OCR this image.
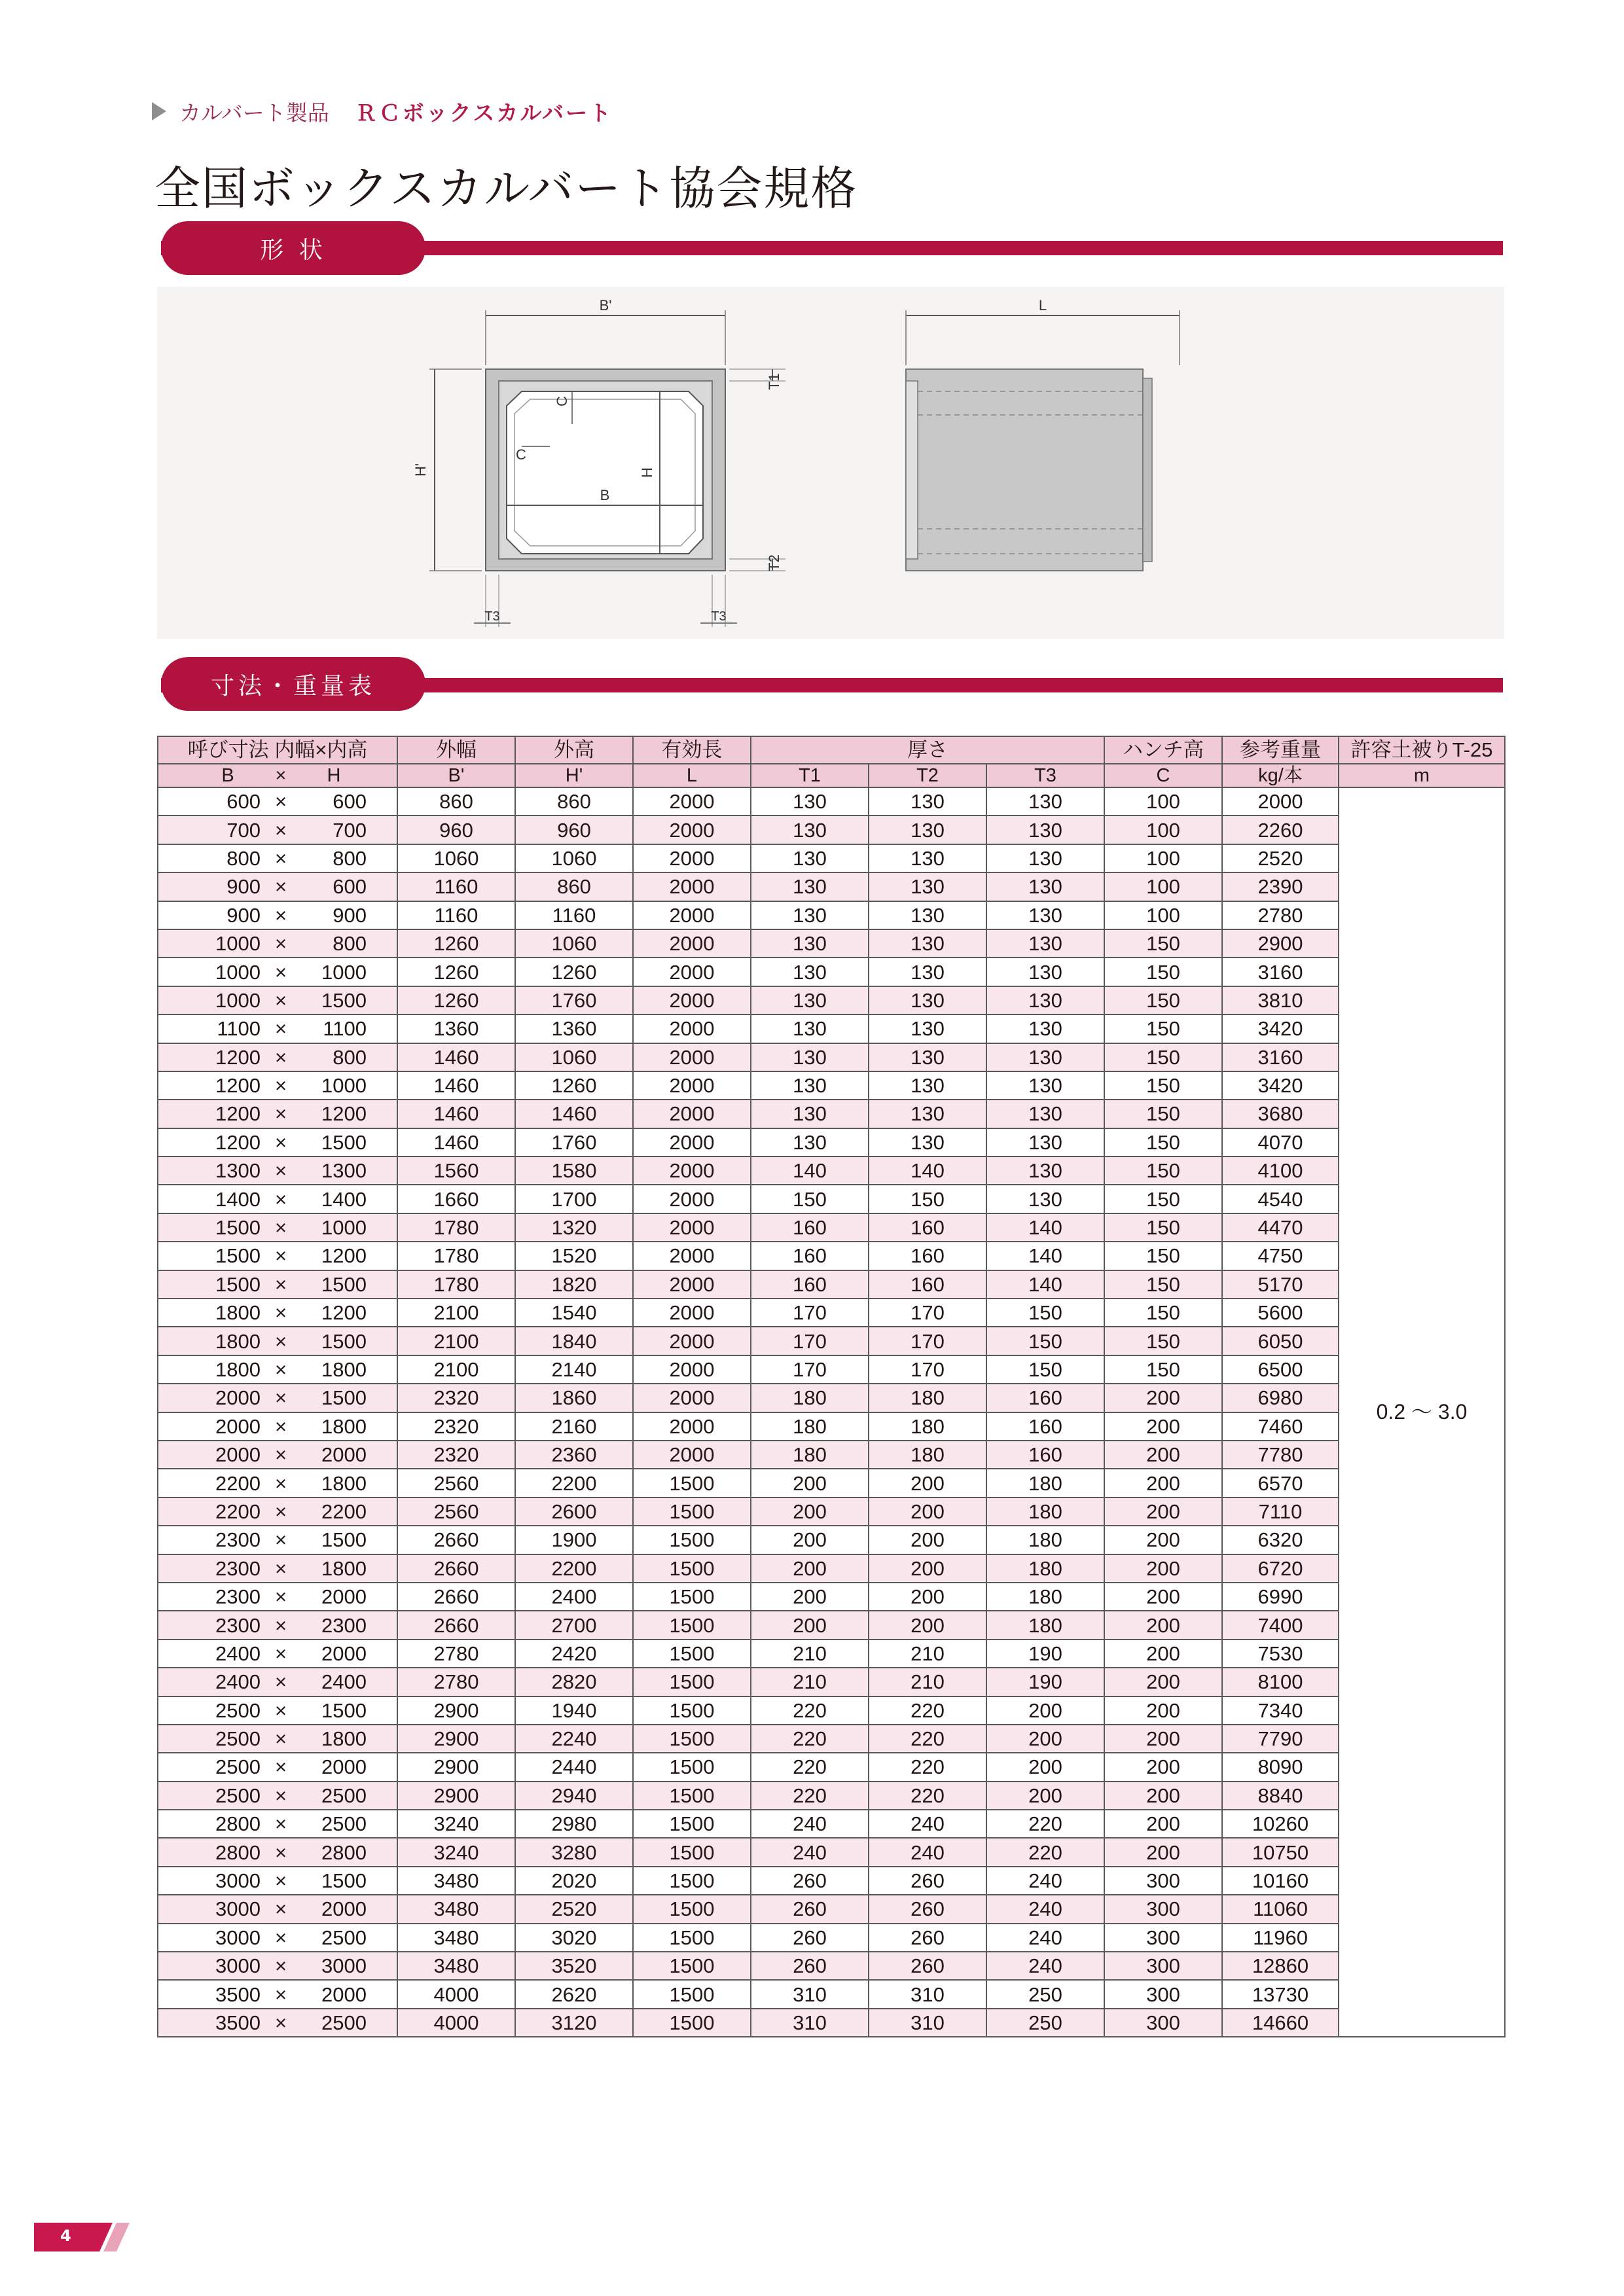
カルバート製品 ＲＣボックスカルバート
全国ボックスカルバート協会規格
形 状
B'
H'
B
H
C
C
T1
T2
T3	T3
L
寸法・重量表
呼び寸法 内幅×内高	外幅	外高	有効長	厚さ			ハンチ高	参考重量	許容土被りT-25

B × H	B'	H'	L	T1	T2	T3	C	kg/本	m

600 × 600	860	860	2000	130	130	130	100	2000	0.2 ～ 3.0

700 × 700	960	960	2000	130	130	130	100	2260	

800 × 800	1060	1060	2000	130	130	130	100	2520	

900 × 600	1160	860	2000	130	130	130	100	2390	

900 × 900	1160	1160	2000	130	130	130	100	2780	

1000 × 800	1260	1060	2000	130	130	130	150	2900	

1000 × 1000	1260	1260	2000	130	130	130	150	3160	

1000 × 1500	1260	1760	2000	130	130	130	150	3810	

1100 × 1100	1360	1360	2000	130	130	130	150	3420	

1200 × 800	1460	1060	2000	130	130	130	150	3160	

1200 × 1000	1460	1260	2000	130	130	130	150	3420	

1200 × 1200	1460	1460	2000	130	130	130	150	3680	

1200 × 1500	1460	1760	2000	130	130	130	150	4070	

1300 × 1300	1560	1580	2000	140	140	130	150	4100	

1400 × 1400	1660	1700	2000	150	150	130	150	4540	

1500 × 1000	1780	1320	2000	160	160	140	150	4470	

1500 × 1200	1780	1520	2000	160	160	140	150	4750	

1500 × 1500	1780	1820	2000	160	160	140	150	5170	

1800 × 1200	2100	1540	2000	170	170	150	150	5600	

1800 × 1500	2100	1840	2000	170	170	150	150	6050	

1800 × 1800	2100	2140	2000	170	170	150	150	6500	

2000 × 1500	2320	1860	2000	180	180	160	200	6980	

2000 × 1800	2320	2160	2000	180	180	160	200	7460	

2000 × 2000	2320	2360	2000	180	180	160	200	7780	

2200 × 1800	2560	2200	1500	200	200	180	200	6570	

2200 × 2200	2560	2600	1500	200	200	180	200	7110	

2300 × 1500	2660	1900	1500	200	200	180	200	6320	

2300 × 1800	2660	2200	1500	200	200	180	200	6720	

2300 × 2000	2660	2400	1500	200	200	180	200	6990	

2300 × 2300	2660	2700	1500	200	200	180	200	7400	

2400 × 2000	2780	2420	1500	210	210	190	200	7530	

2400 × 2400	2780	2820	1500	210	210	190	200	8100	

2500 × 1500	2900	1940	1500	220	220	200	200	7340	

2500 × 1800	2900	2240	1500	220	220	200	200	7790	

2500 × 2000	2900	2440	1500	220	220	200	200	8090	

2500 × 2500	2900	2940	1500	220	220	200	200	8840	

2800 × 2500	3240	2980	1500	240	240	220	200	10260	

2800 × 2800	3240	3280	1500	240	240	220	200	10750	

3000 × 1500	3480	2020	1500	260	260	240	300	10160	

3000 × 2000	3480	2520	1500	260	260	240	300	11060	

3000 × 2500	3480	3020	1500	260	260	240	300	11960	

3000 × 3000	3480	3520	1500	260	260	240	300	12860	

3500 × 2000	4000	2620	1500	310	310	250	300	13730	

3500 × 2500	4000	3120	1500	310	310	250	300	14660	
4
